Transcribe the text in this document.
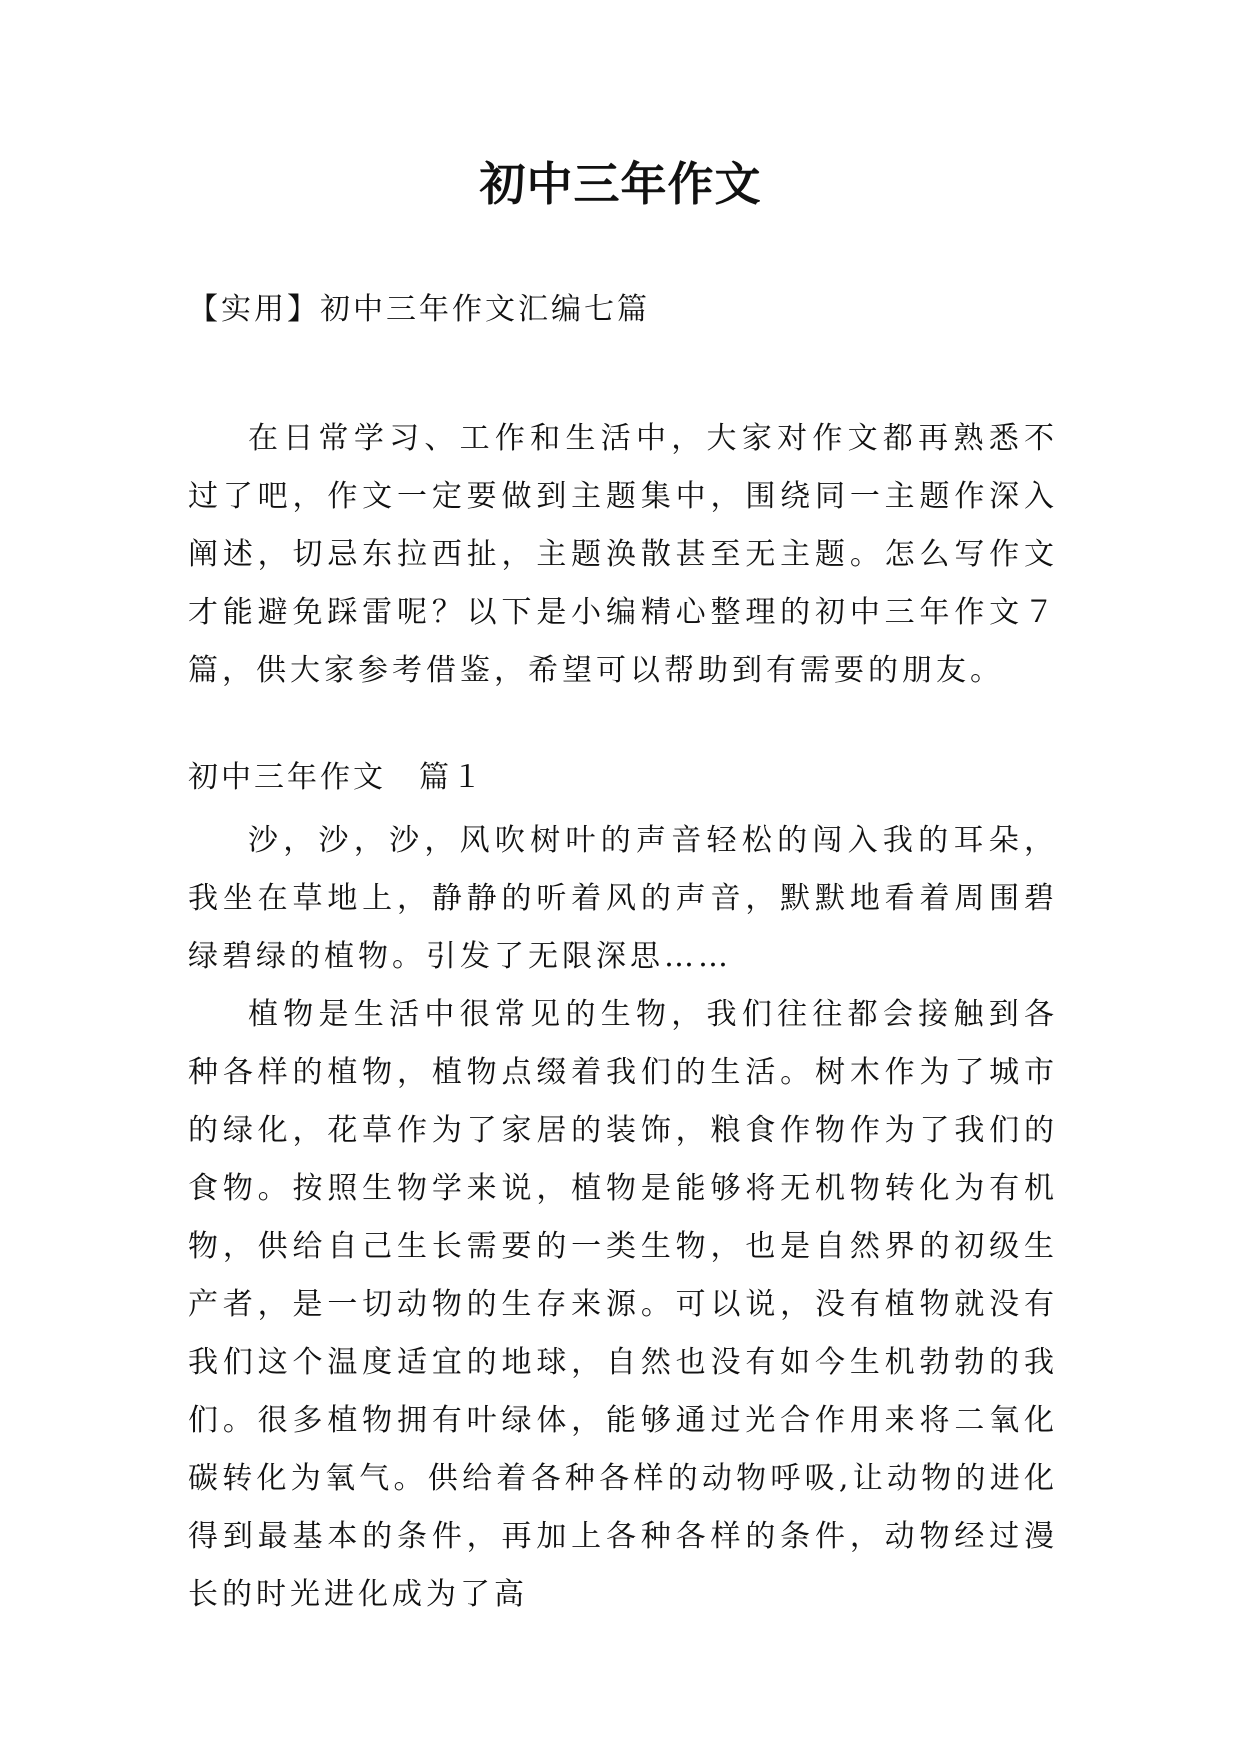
初中三年作文
【实用】初中三年作文汇编七篇

在日常学习、工作和生活中，大家对作文都再熟悉不过了吧，作文一定要做到主题集中，围绕同一主题作深入阐述，切忌东拉西扯，主题涣散甚至无主题。怎么写作文才能避免踩雷呢？以下是小编精心整理的初中三年作文７篇，供大家参考借鉴，希望可以帮助到有需要的朋友。

初中三年作文　篇１

沙，沙，沙，风吹树叶的声音轻松的闯入我的耳朵，我坐在草地上，静静的听着风的声音，默默地看着周围碧绿碧绿的植物。引发了无限深思……

植物是生活中很常见的生物，我们往往都会接触到各种各样的植物，植物点缀着我们的生活。树木作为了城市的绿化，花草作为了家居的装饰，粮食作物作为了我们的食物。按照生物学来说，植物是能够将无机物转化为有机物，供给自己生长需要的一类生物，也是自然界的初级生产者，是一切动物的生存来源。可以说，没有植物就没有我们这个温度适宜的地球，自然也没有如今生机勃勃的我们。很多植物拥有叶绿体，能够通过光合作用来将二氧化碳转化为氧气。供给着各种各样的动物呼吸,让动物的进化得到最基本的条件，再加上各种各样的条件，动物经过漫长的时光进化成为了高
